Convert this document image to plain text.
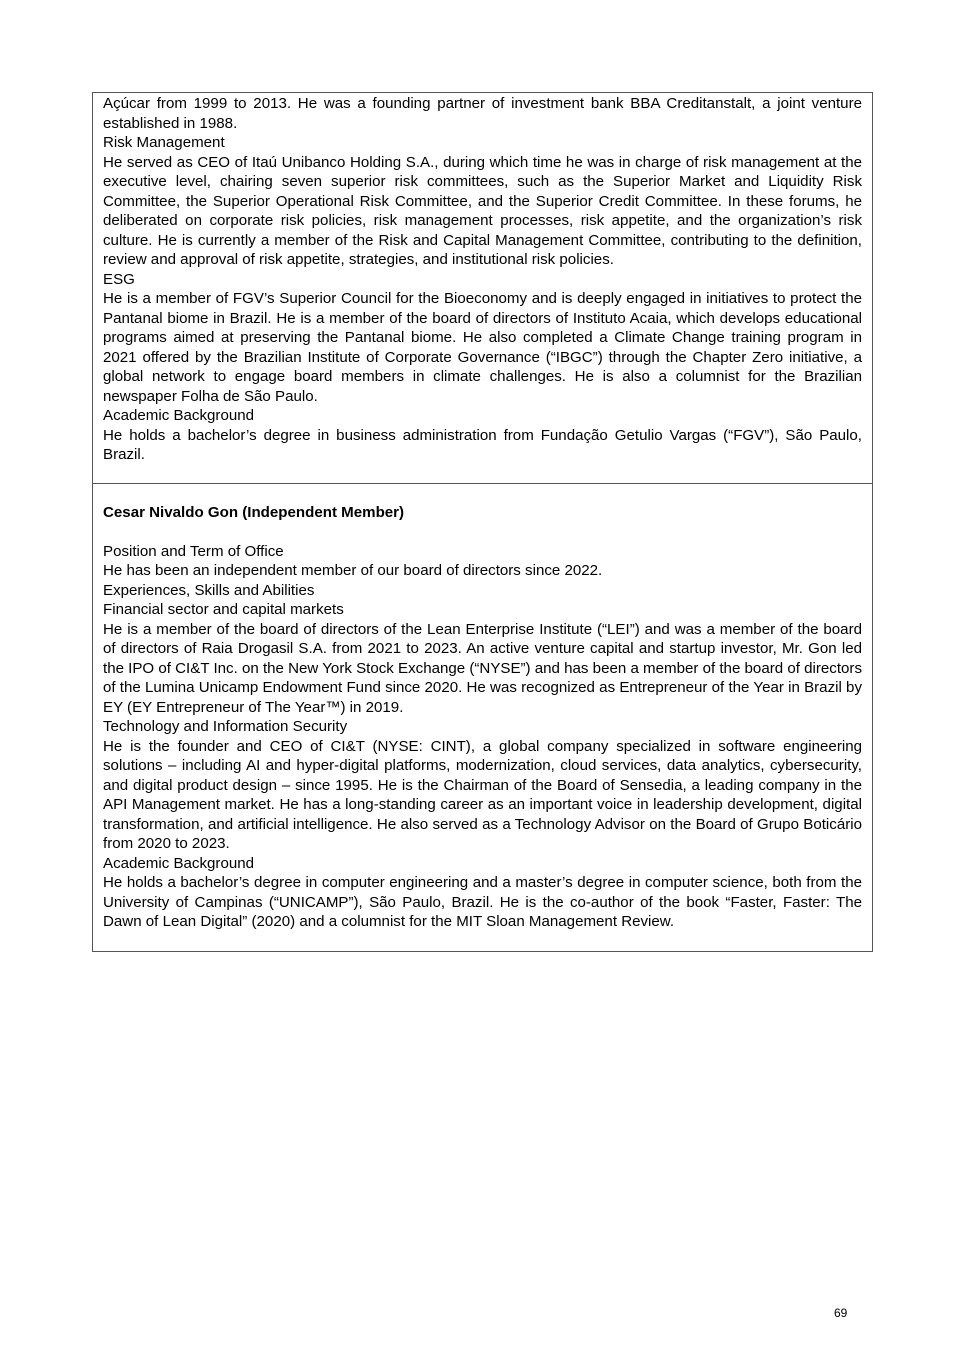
Açúcar from 1999 to 2013. He was a founding partner of investment bank BBA Creditanstalt, a joint venture established in 1988.

Risk Management

He served as CEO of Itaú Unibanco Holding S.A., during which time he was in charge of risk management at the executive level, chairing seven superior risk committees, such as the Superior Market and Liquidity Risk Committee, the Superior Operational Risk Committee, and the Superior Credit Committee. In these forums, he deliberated on corporate risk policies, risk management processes, risk appetite, and the organization’s risk culture. He is currently a member of the Risk and Capital Management Committee, contributing to the definition, review and approval of risk appetite, strategies, and institutional risk policies.

ESG

He is a member of FGV’s Superior Council for the Bioeconomy and is deeply engaged in initiatives to protect the Pantanal biome in Brazil. He is a member of the board of directors of Instituto Acaia, which develops educational programs aimed at preserving the Pantanal biome. He also completed a Climate Change training program in 2021 offered by the Brazilian Institute of Corporate Governance (“IBGC”) through the Chapter Zero initiative, a global network to engage board members in climate challenges. He is also a columnist for the Brazilian newspaper Folha de São Paulo.

Academic Background

He holds a bachelor’s degree in business administration from Fundação Getulio Vargas (“FGV”), São Paulo, Brazil.

Cesar Nivaldo Gon (Independent Member)

Position and Term of Office

He has been an independent member of our board of directors since 2022.

Experiences, Skills and Abilities

Financial sector and capital markets

He is a member of the board of directors of the Lean Enterprise Institute (“LEI”) and was a member of the board of directors of Raia Drogasil S.A. from 2021 to 2023. An active venture capital and startup investor, Mr. Gon led the IPO of CI&T Inc. on the New York Stock Exchange (“NYSE”) and has been a member of the board of directors of the Lumina Unicamp Endowment Fund since 2020. He was recognized as Entrepreneur of the Year in Brazil by EY (EY Entrepreneur of The Year™) in 2019.

Technology and Information Security

He is the founder and CEO of CI&T (NYSE: CINT), a global company specialized in software engineering solutions – including AI and hyper-digital platforms, modernization, cloud services, data analytics, cybersecurity, and digital product design – since 1995. He is the Chairman of the Board of Sensedia, a leading company in the API Management market. He has a long-standing career as an important voice in leadership development, digital transformation, and artificial intelligence. He also served as a Technology Advisor on the Board of Grupo Boticário from 2020 to 2023.

Academic Background

He holds a bachelor’s degree in computer engineering and a master’s degree in computer science, both from the University of Campinas (“UNICAMP”), São Paulo, Brazil. He is the co-author of the book “Faster, Faster: The Dawn of Lean Digital” (2020) and a columnist for the MIT Sloan Management Review.

69
